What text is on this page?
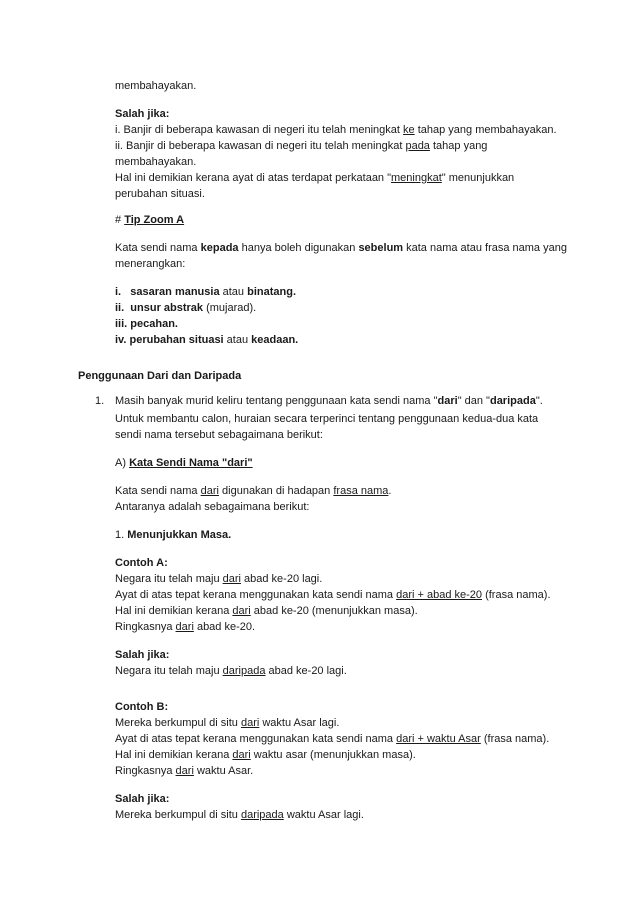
membahayakan.
Salah jika:
i. Banjir di beberapa kawasan di negeri itu telah meningkat ke tahap yang membahayakan.
ii. Banjir di beberapa kawasan di negeri itu telah meningkat pada tahap yang
membahayakan.
Hal ini demikian kerana ayat di atas terdapat perkataan "meningkat" menunjukkan
perubahan situasi.
# Tip Zoom A
Kata sendi nama kepada hanya boleh digunakan sebelum kata nama atau frasa nama yang
menerangkan:
i. sasaran manusia atau binatang.
ii. unsur abstrak (mujarad).
iii. pecahan.
iv. perubahan situasi atau keadaan.
Penggunaan Dari dan Daripada
1. Masih banyak murid keliru tentang penggunaan kata sendi nama "dari" dan "daripada".
Untuk membantu calon, huraian secara terperinci tentang penggunaan kedua-dua kata
sendi nama tersebut sebagaimana berikut:
A) Kata Sendi Nama "dari"
Kata sendi nama dari digunakan di hadapan frasa nama.
Antaranya adalah sebagaimana berikut:
1. Menunjukkan Masa.
Contoh A:
Negara itu telah maju dari abad ke-20 lagi.
Ayat di atas tepat kerana menggunakan kata sendi nama dari + abad ke-20 (frasa nama).
Hal ini demikian kerana dari abad ke-20 (menunjukkan masa).
Ringkasnya dari abad ke-20.
Salah jika:
Negara itu telah maju daripada abad ke-20 lagi.
Contoh B:
Mereka berkumpul di situ dari waktu Asar lagi.
Ayat di atas tepat kerana menggunakan kata sendi nama dari + waktu Asar (frasa nama).
Hal ini demikian kerana dari waktu asar (menunjukkan masa).
Ringkasnya dari waktu Asar.
Salah jika:
Mereka berkumpul di situ daripada waktu Asar lagi.
